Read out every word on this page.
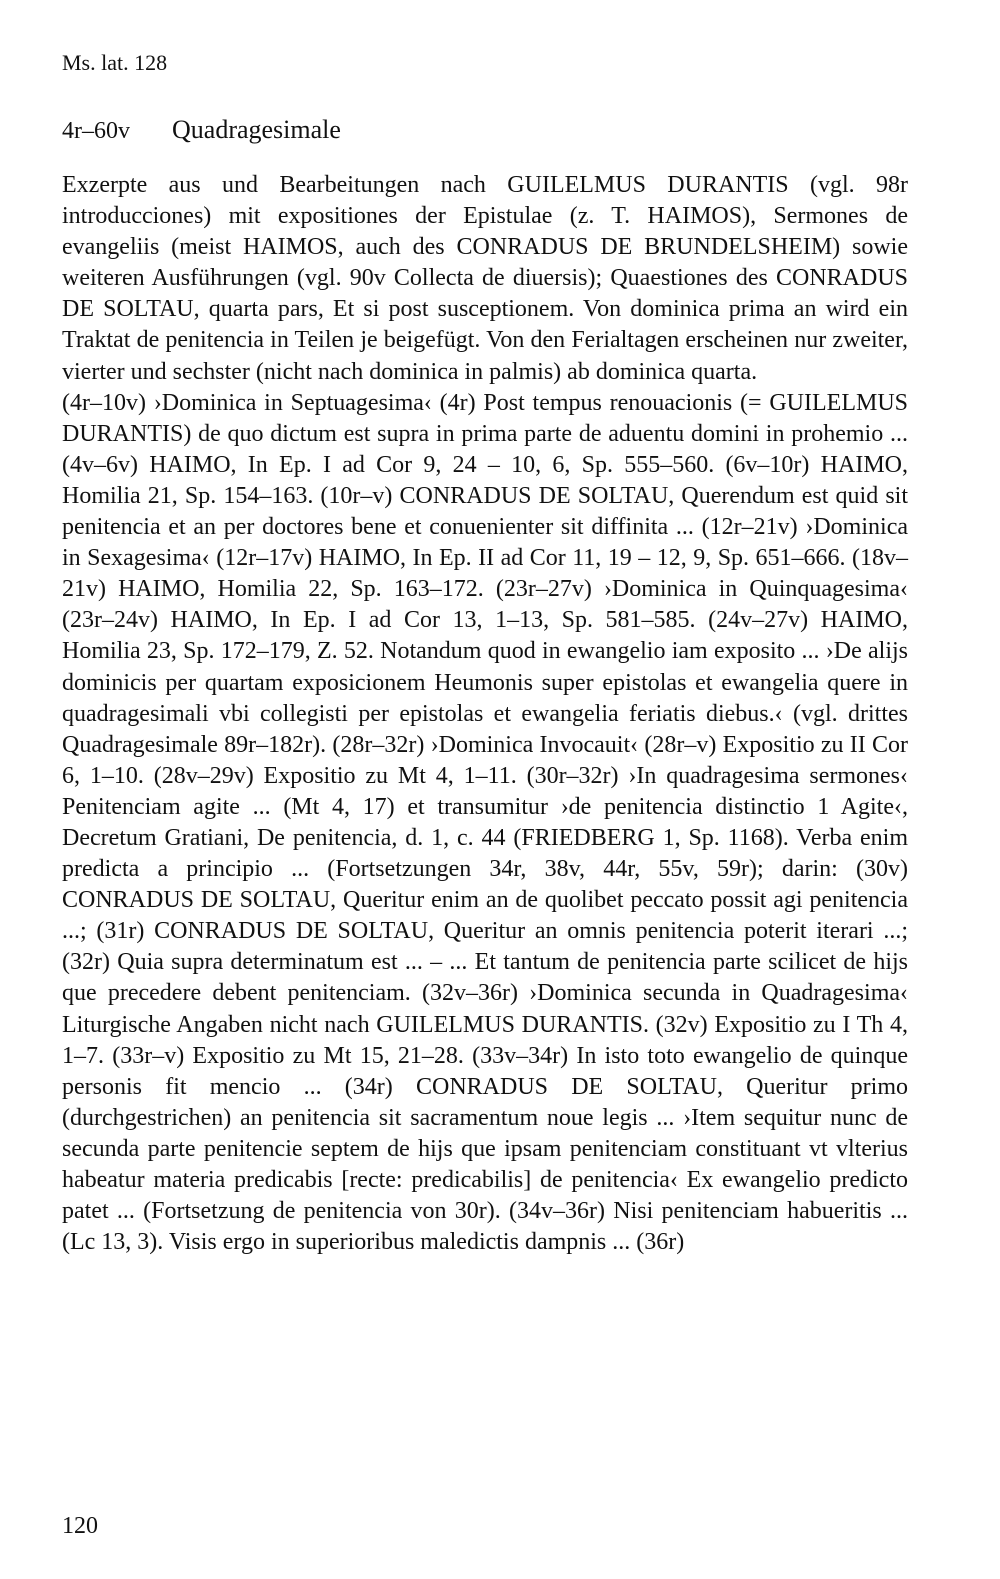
Ms. lat. 128
4r–60v Quadragesimale

Exzerpte aus und Bearbeitungen nach GUILELMUS DURANTIS (vgl. 98r introducciones) mit expositiones der Epistulae (z. T. HAIMOS), Sermones de evangeliis (meist HAIMOS, auch des CONRADUS DE BRUNDELSHEIM) sowie weiteren Ausführungen (vgl. 90v Collecta de diuersis); Quaestiones des CONRADUS DE SOLTAU, quarta pars, Et si post susceptionem. Von dominica prima an wird ein Traktat de penitencia in Teilen je beigefügt. Von den Ferialtagen erscheinen nur zweiter, vierter und sechster (nicht nach dominica in palmis) ab dominica quarta.

(4r–10v) ›Dominica in Septuagesima‹ (4r) Post tempus renouacionis (= GUILELMUS DURANTIS) de quo dictum est supra in prima parte de aduentu domini in prohemio ... (4v–6v) HAIMO, In Ep. I ad Cor 9, 24 – 10, 6, Sp. 555–560. (6v–10r) HAIMO, Homilia 21, Sp. 154–163. (10r–v) CONRADUS DE SOLTAU, Querendum est quid sit penitencia et an per doctores bene et conuenienter sit diffinita ... (12r–21v) ›Dominica in Sexagesima‹ (12r–17v) HAIMO, In Ep. II ad Cor 11, 19 – 12, 9, Sp. 651–666. (18v–21v) HAIMO, Homilia 22, Sp. 163–172. (23r–27v) ›Dominica in Quinquagesima‹ (23r–24v) HAIMO, In Ep. I ad Cor 13, 1–13, Sp. 581–585. (24v–27v) HAIMO, Homilia 23, Sp. 172–179, Z. 52. Notandum quod in ewangelio iam exposito ... ›De alijs dominicis per quartam exposicionem Heumonis super epistolas et ewangelia quere in quadragesimali vbi collegisti per epistolas et ewangelia feriatis diebus.‹ (vgl. drittes Quadragesimale 89r–182r). (28r–32r) ›Dominica Invocauit‹ (28r–v) Expositio zu II Cor 6, 1–10. (28v–29v) Expositio zu Mt 4, 1–11. (30r–32r) ›In quadragesima sermones‹ Penitenciam agite ... (Mt 4, 17) et transumitur ›de penitencia distinctio 1 Agite‹, Decretum Gratiani, De penitencia, d. 1, c. 44 (FRIEDBERG 1, Sp. 1168). Verba enim predicta a principio ... (Fortsetzungen 34r, 38v, 44r, 55v, 59r); darin: (30v) CONRADUS DE SOLTAU, Queritur enim an de quolibet peccato possit agi penitencia ...; (31r) CONRADUS DE SOLTAU, Queritur an omnis penitencia poterit iterari ...; (32r) Quia supra determinatum est ... – ... Et tantum de penitencia parte scilicet de hijs que precedere debent penitenciam. (32v–36r) ›Dominica secunda in Quadragesima‹ Liturgische Angaben nicht nach GUILELMUS DURANTIS. (32v) Expositio zu I Th 4, 1–7. (33r–v) Expositio zu Mt 15, 21–28. (33v–34r) In isto toto ewangelio de quinque personis fit mencio ... (34r) CONRADUS DE SOLTAU, Queritur primo (durchgestrichen) an penitencia sit sacramentum noue legis ... ›Item sequitur nunc de secunda parte penitencie septem de hijs que ipsam penitenciam constituant vt vlterius habeatur materia predicabis [recte: predicabilis] de penitencia‹ Ex ewangelio predicto patet ... (Fortsetzung de penitencia von 30r). (34v–36r) Nisi penitenciam habueritis ... (Lc 13, 3). Visis ergo in superioribus maledictis dampnis ... (36r)

120
